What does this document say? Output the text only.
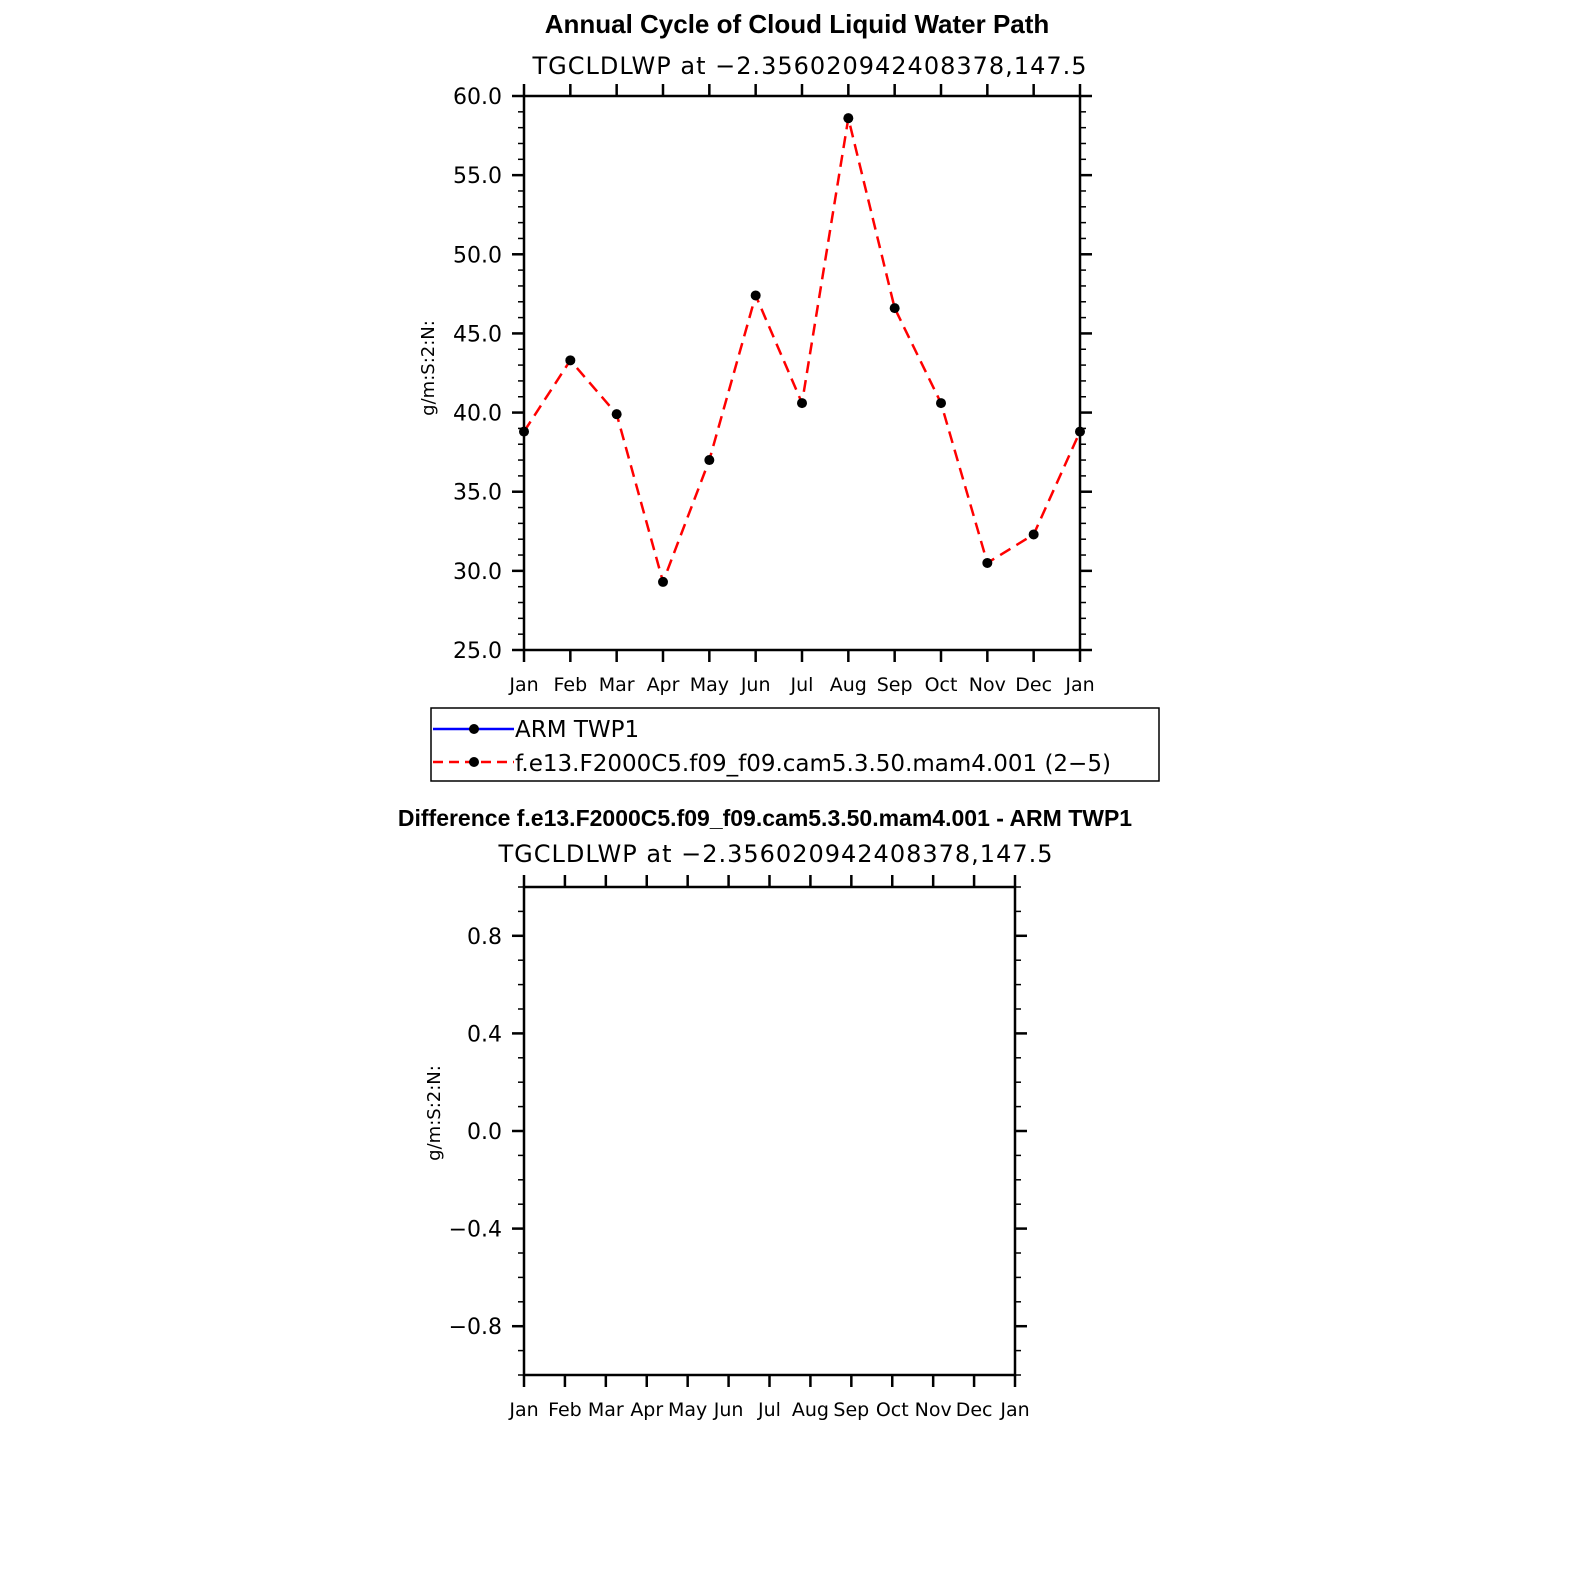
Annual Cycle of Cloud Liquid Water Path
TGCLDLWP at −2.356020942408378,147.5
g/m:S:2:N:
Jan Feb Mar Apr May Jun Jul Aug Sep Oct Nov Dec Jan
25.0
30.0
35.0
40.0
45.0
50.0
55.0
60.0
ARM TWP1
f.e13.F2000C5.f09_f09.cam5.3.50.mam4.001 (2−5)
Difference f.e13.F2000C5.f09_f09.cam5.3.50.mam4.001 - ARM TWP1
TGCLDLWP at −2.356020942408378,147.5
g/m:S:2:N:
Jan Feb Mar Apr May Jun Jul Aug Sep Oct Nov Dec Jan
−0.8
−0.4
0.0
0.4
0.8
